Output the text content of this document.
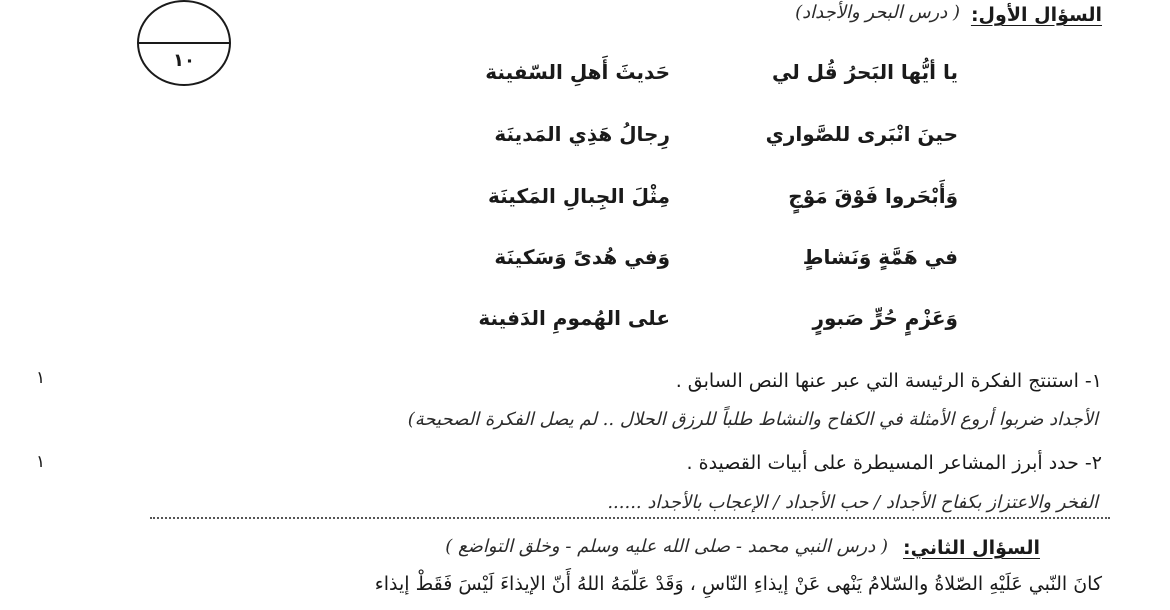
١٠
السؤال الأول:
( درس البحر والأجداد)
يا أيُّها البَحرُ قُل لي
حَديثَ أَهلِ السّفينة
حينَ انْبَرى للصَّواري
رِجالُ هَذِي المَدينَة
وَأَبْحَروا فَوْقَ مَوْجٍ
مِثْلَ الجِبالِ المَكينَة
في هَمَّةٍ وَنَشاطٍ
وَفي هُدىً وَسَكينَة
وَعَزْمٍ حُرٍّ صَبورٍ
على الهُمومِ الدَفينة
١- استنتج الفكرة الرئيسة التي عبر عنها النص السابق .
١
الأجداد ضربوا أروع الأمثلة في الكفاح والنشاط طلباً للرزق الحلال .. لم يصل الفكرة الصحيحة)
٢- حدد أبرز المشاعر المسيطرة على أبيات القصيدة .
١
الفخر والاعتزاز بكفاح الأجداد / حب الأجداد / الإعجاب بالأجداد ......
السؤال الثاني:
( درس النبي محمد - صلى الله عليه وسلم - وخلق التواضع )
كانَ النّبي عَلَيْهِ الصّلاةُ والسّلامُ يَنْهى عَنْ إيذاءِ النّاسِ ، وَقَدْ عَلّمَهُ اللهُ أَنّ الإيذاءَ لَيْسَ فَقَطْ إيذاء
